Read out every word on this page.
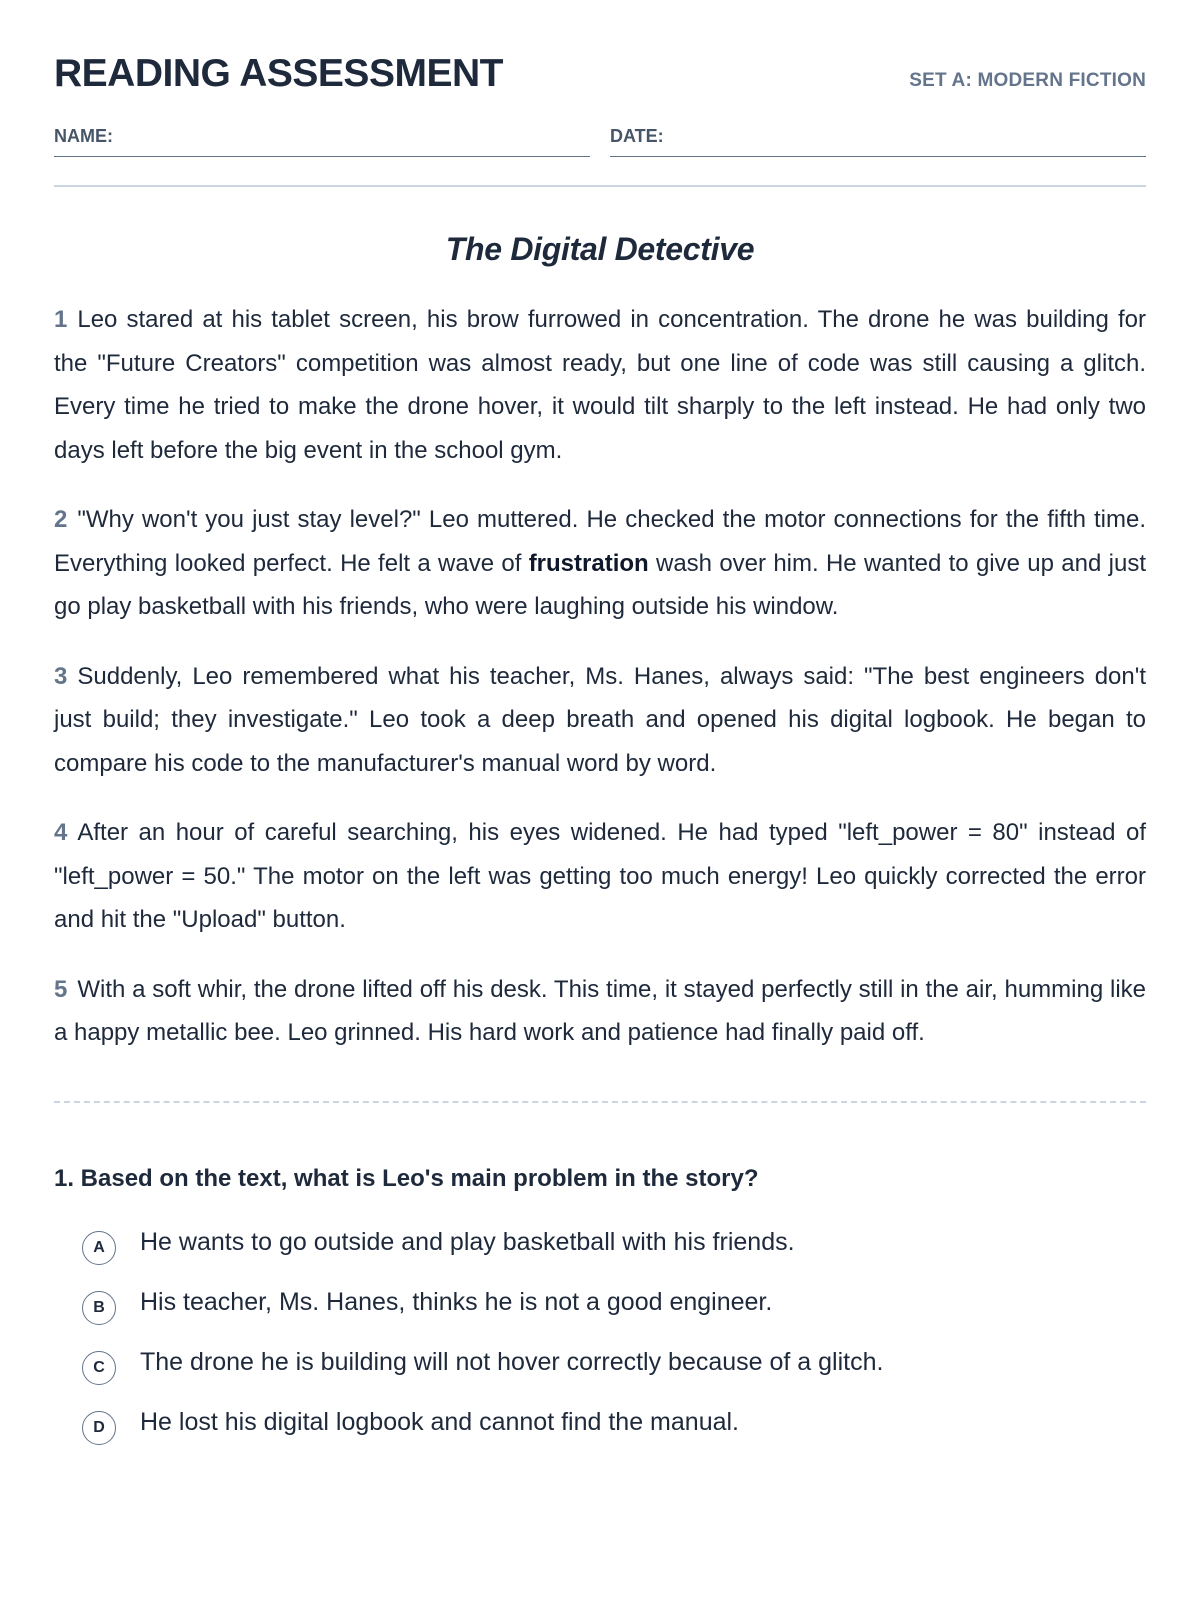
READING ASSESSMENT	SET A: MODERN FICTION
NAME:	DATE:
The Digital Detective

1 Leo stared at his tablet screen, his brow furrowed in concentration. The drone he was building for the "Future Creators" competition was almost ready, but one line of code was still causing a glitch. Every time he tried to make the drone hover, it would tilt sharply to the left instead. He had only two days left before the big event in the school gym.

2 "Why won't you just stay level?" Leo muttered. He checked the motor connections for the fifth time. Everything looked perfect. He felt a wave of frustration wash over him. He wanted to give up and just go play basketball with his friends, who were laughing outside his window.

3 Suddenly, Leo remembered what his teacher, Ms. Hanes, always said: "The best engineers don't just build; they investigate." Leo took a deep breath and opened his digital logbook. He began to compare his code to the manufacturer's manual word by word.

4 After an hour of careful searching, his eyes widened. He had typed "left_power = 80" instead of "left_power = 50." The motor on the left was getting too much energy! Leo quickly corrected the error and hit the "Upload" button.

5 With a soft whir, the drone lifted off his desk. This time, it stayed perfectly still in the air, humming like a happy metallic bee. Leo grinned. His hard work and patience had finally paid off.

1. Based on the text, what is Leo's main problem in the story?
A	He wants to go outside and play basketball with his friends.
B	His teacher, Ms. Hanes, thinks he is not a good engineer.
C	The drone he is building will not hover correctly because of a glitch.
D	He lost his digital logbook and cannot find the manual.
